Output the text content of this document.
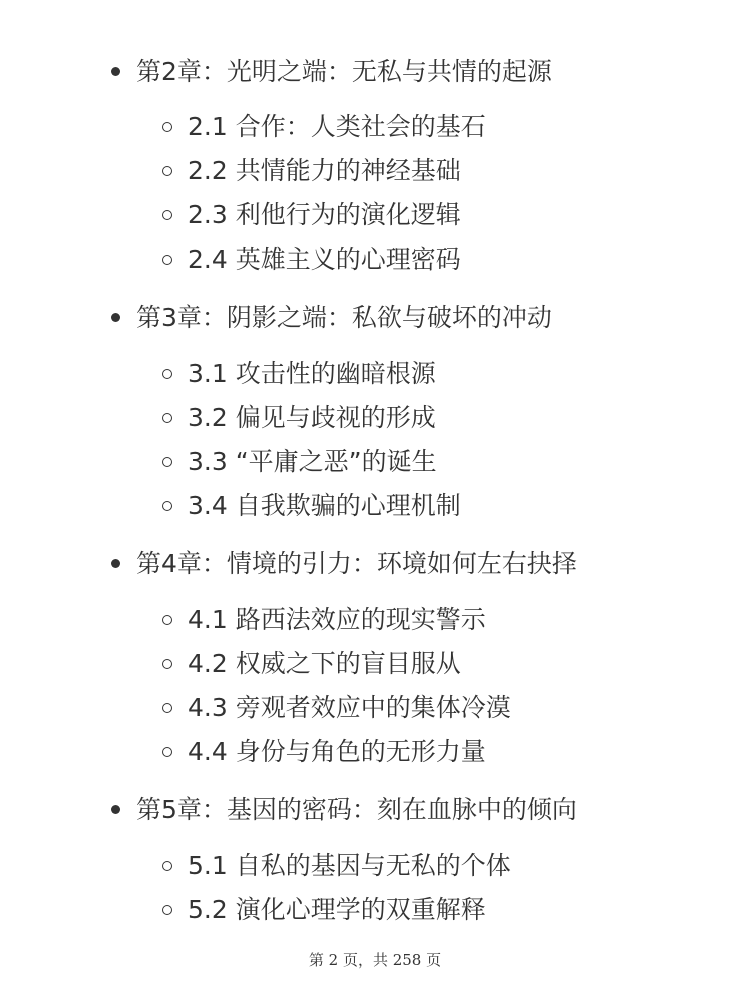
第2章：光明之端：无私与共情的起源
2.1 合作：人类社会的基石
2.2 共情能力的神经基础
2.3 利他行为的演化逻辑
2.4 英雄主义的心理密码
第3章：阴影之端：私欲与破坏的冲动
3.1 攻击性的幽暗根源
3.2 偏见与歧视的形成
3.3 “平庸之恶”的诞生
3.4 自我欺骗的心理机制
第4章：情境的引力：环境如何左右抉择
4.1 路西法效应的现实警示
4.2 权威之下的盲目服从
4.3 旁观者效应中的集体冷漠
4.4 身份与角色的无形力量
第5章：基因的密码：刻在血脉中的倾向
5.1 自私的基因与无私的个体
5.2 演化心理学的双重解释
第 2 页，共 258 页
